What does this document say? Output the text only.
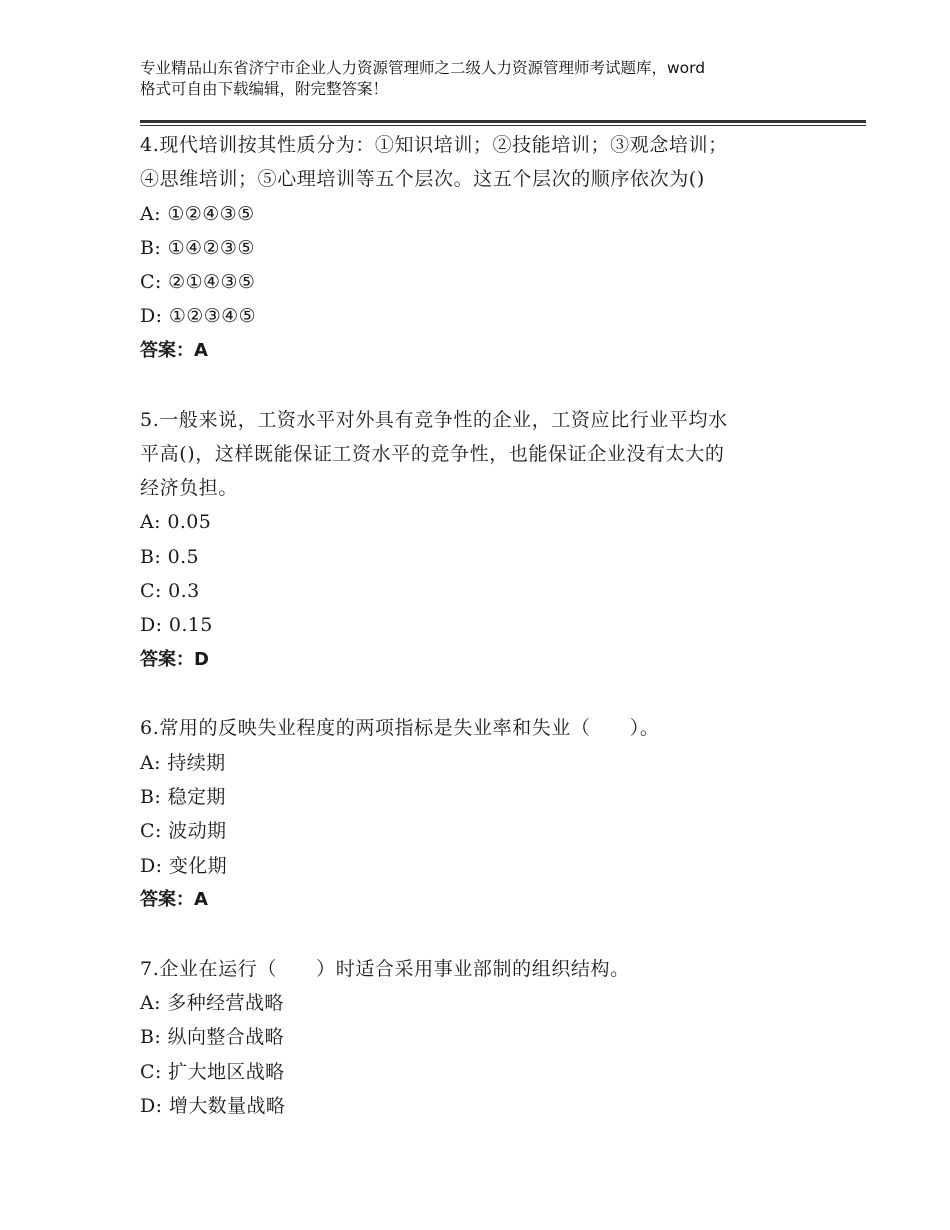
专业精品山东省济宁市企业人力资源管理师之二级人力资源管理师考试题库，word
格式可自由下载编辑，附完整答案！
4.现代培训按其性质分为：①知识培训；②技能培训；③观念培训；
④思维培训；⑤心理培训等五个层次。这五个层次的顺序依次为()
A: ①②④③⑤
B: ①④②③⑤
C: ②①④③⑤
D: ①②③④⑤
答案：A
5.一般来说，工资水平对外具有竞争性的企业，工资应比行业平均水
平高()，这样既能保证工资水平的竞争性，也能保证企业没有太大的
经济负担。
A: 0.05
B: 0.5
C: 0.3
D: 0.15
答案：D
6.常用的反映失业程度的两项指标是失业率和失业（　　）。
A: 持续期
B: 稳定期
C: 波动期
D: 变化期
答案：A
7.企业在运行（　　）时适合采用事业部制的组织结构。
A: 多种经营战略
B: 纵向整合战略
C: 扩大地区战略
D: 增大数量战略
